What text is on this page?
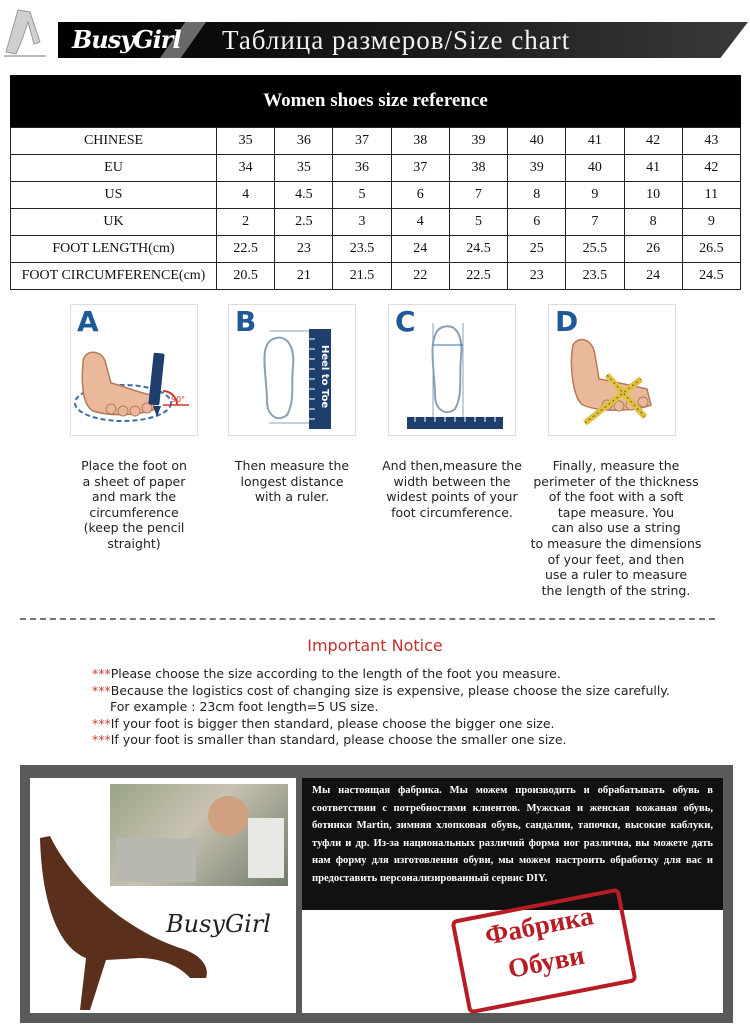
BusyGirl Таблица размеров/Size chart
Women shoes size reference
CHINESE	35	36	37	38	39	40	41	42	43
EU	34	35	36	37	38	39	40	41	42
US	4	4.5	5	6	7	8	9	10	11
UK	2	2.5	3	4	5	6	7	8	9
FOOT LENGTH(cm)	22.5	23	23.5	24	24.5	25	25.5	26	26.5
FOOT CIRCUMFERENCE(cm)	20.5	21	21.5	22	22.5	23	23.5	24	24.5
A
90°
B
Heel to Toe
C	D
Place the foot on
a sheet of paper
and mark the
circumference
(keep the pencil
straight)
Then measure the
longest distance
with a ruler.
And then,measure the
width between the
widest points of your
foot circumference.
Finally, measure the
perimeter of the thickness
of the foot with a soft
tape measure. You
can also use a string
to measure the dimensions
of your feet, and then
use a ruler to measure
the length of the string.
Important Notice
***Please choose the size according to the length of the foot you measure.
***Because the logistics cost of changing size is expensive, please choose the size carefully.
For example : 23cm foot length=5 US size.
***If your foot is bigger then standard, please choose the bigger one size.
***If your foot is smaller than standard, please choose the smaller one size.
BusyGirl
Мы настоящая фабрика. Мы можем производить и обрабатывать обувь в соответствии с потребностями клиентов. Мужская и женская кожаная обувь, ботинки Martin, зимняя хлопковая обувь, сандалии, тапочки, высокие каблуки, туфли и др. Из-за национальных различий форма ног различна, вы можете дать нам форму для изготовления обуви, мы можем настроить обработку для вас и предоставить персонализированный сервис DIY.
Фабрика
Обуви
